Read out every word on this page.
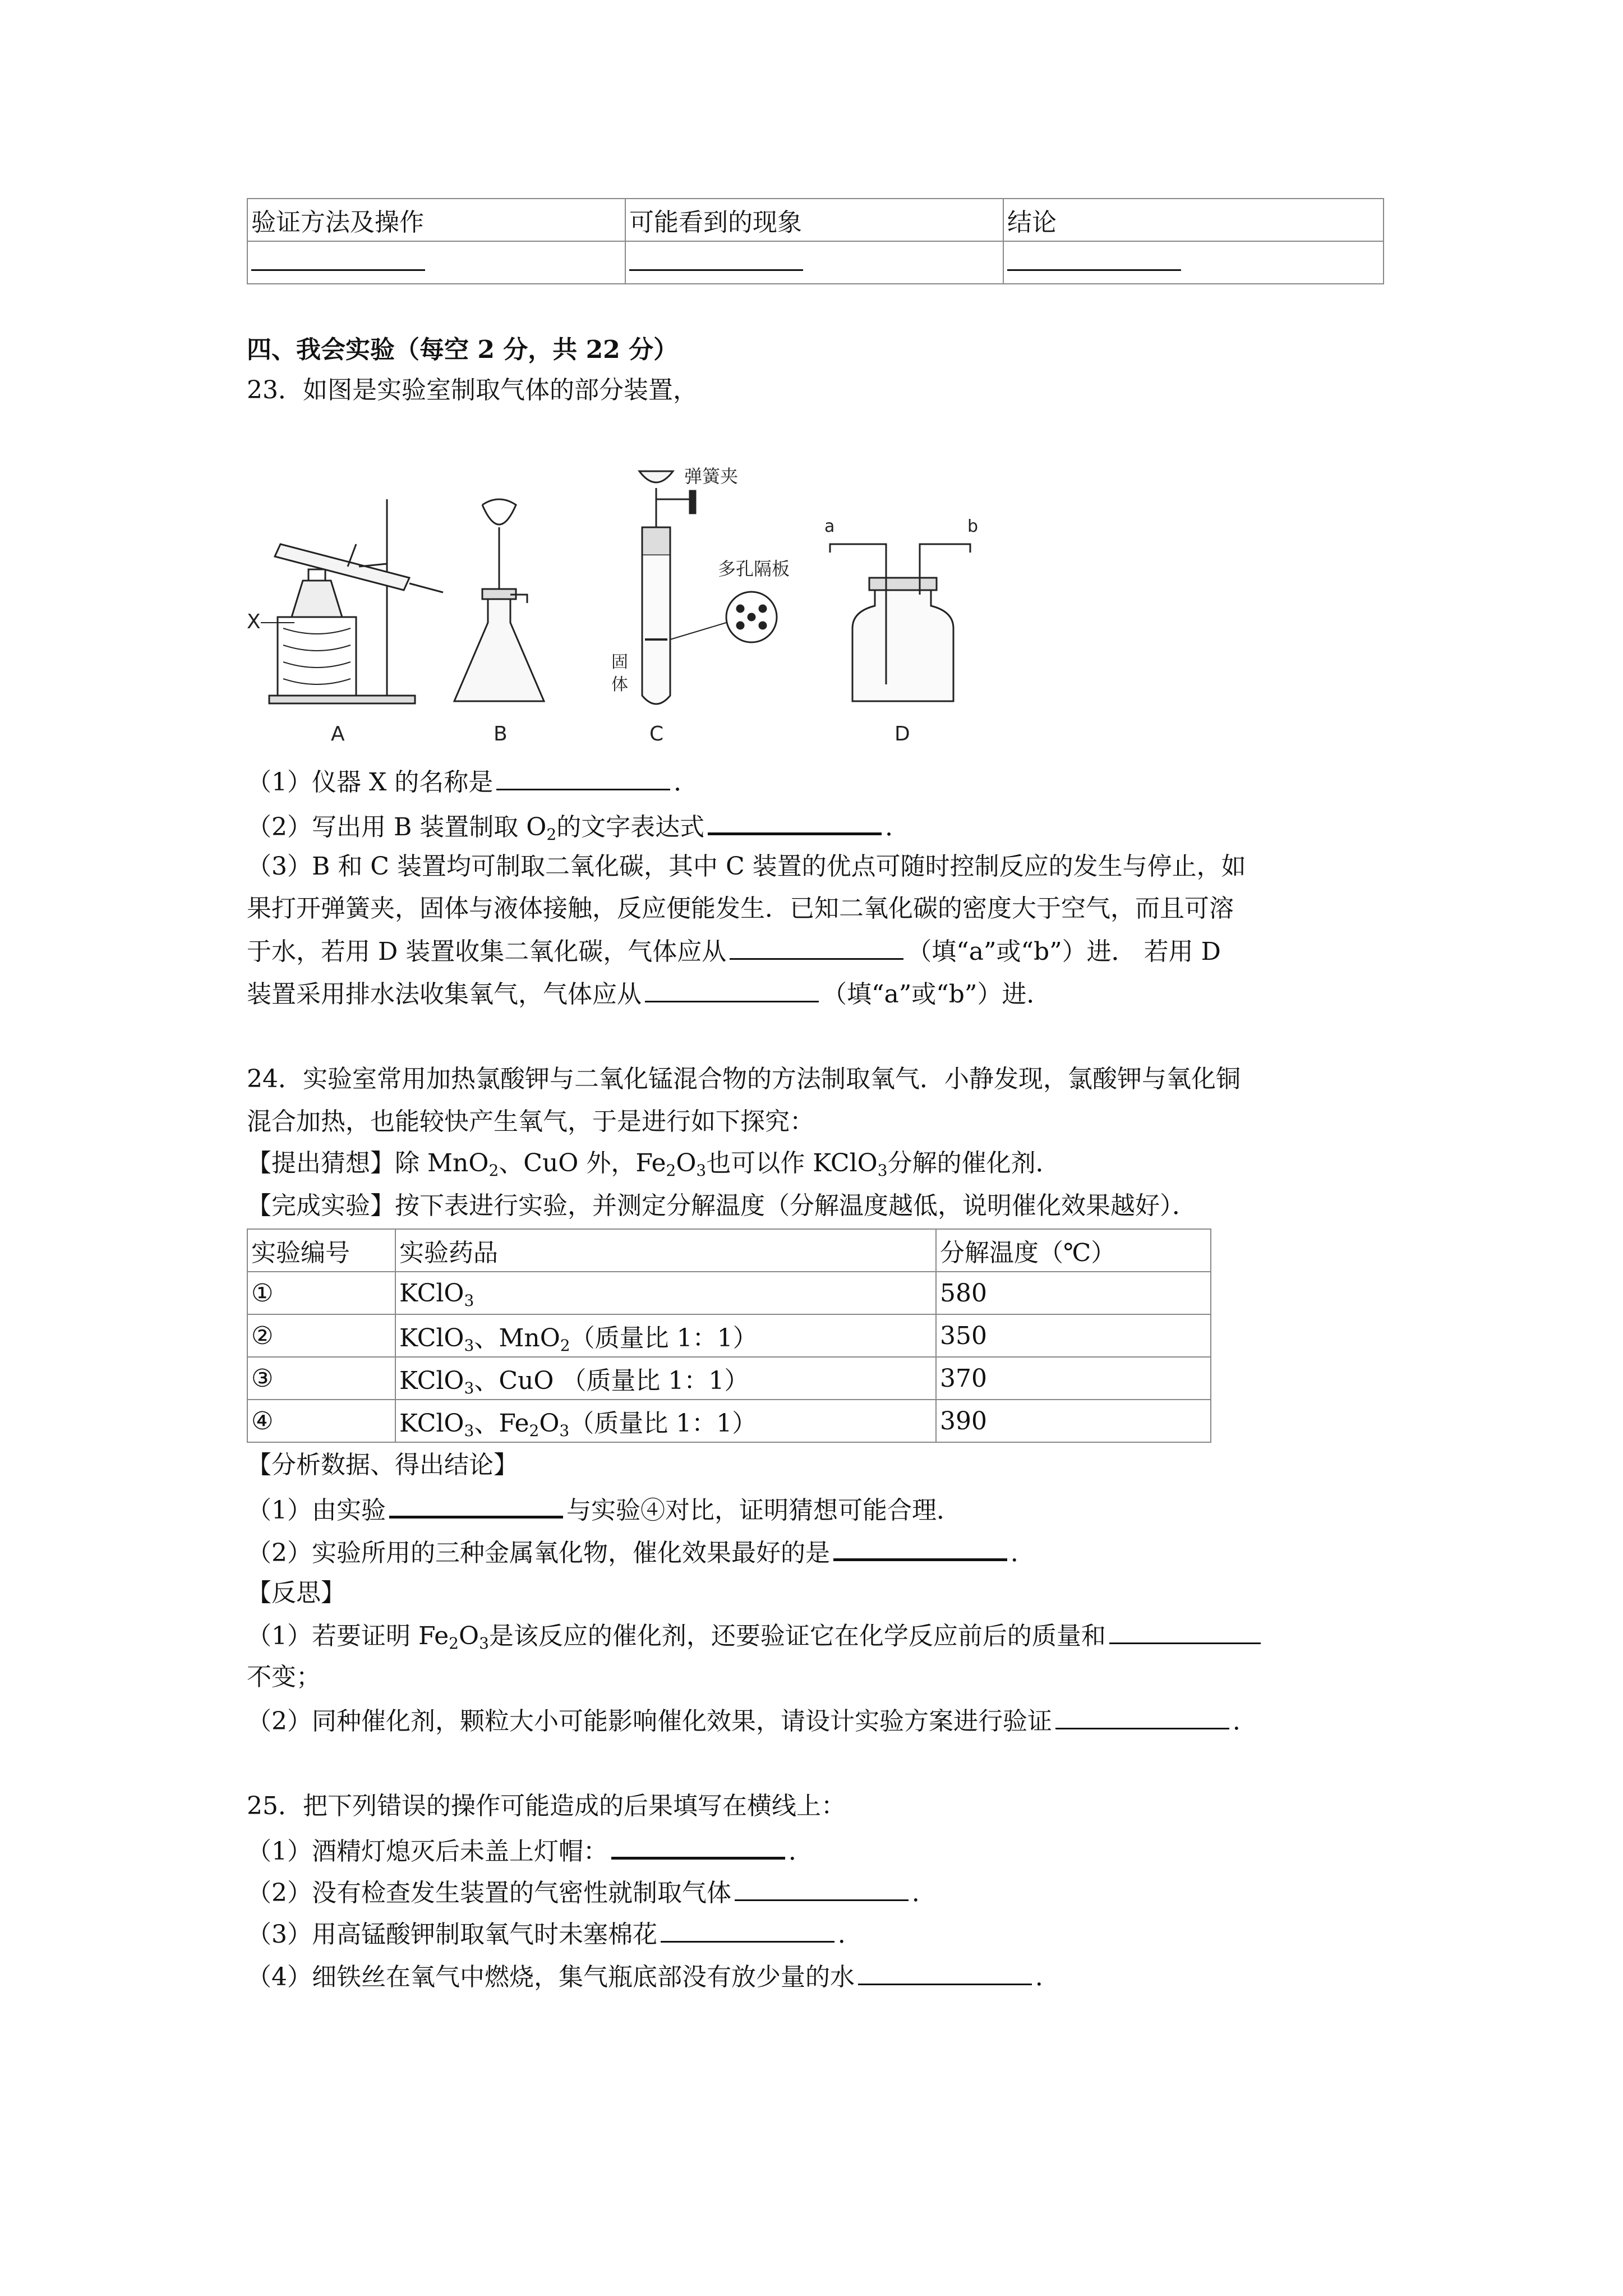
验证方法及操作	可能看到的现象	结论

四、我会实验（每空 2 分，共 22 分）
23．如图是实验室制取气体的部分装置，
X
A	B
弹簧夹
多孔隔板
固
体
C
a	b
D
（1）仪器 X 的名称是	．
（2）写出用 B 装置制取 $O_2$的文字表达式	．
（3）B 和 C 装置均可制取二氧化碳，其中 C 装置的优点可随时控制反应的发生与停止，如
果打开弹簧夹，固体与液体接触，反应便能发生．已知二氧化碳的密度大于空气，而且可溶
于水，若用 D 装置收集二氧化碳，气体应从	（填“a”或“b”）进． 若用 D
装置采用排水法收集氧气，气体应从	（填“a”或“b”）进．
24．实验室常用加热氯酸钾与二氧化锰混合物的方法制取氧气．小静发现，氯酸钾与氧化铜
混合加热，也能较快产生氧气，于是进行如下探究：
【提出猜想】除 MnO$_2$、CuO 外，$Fe_2O_3$也可以作 KClO$_3$分解的催化剂．
【完成实验】按下表进行实验，并测定分解温度（分解温度越低，说明催化效果越好）．
实验编号	实验药品	分解温度（℃）
①	KClO$_3$	580
②	KClO$_3$、MnO$_2$（质量比 1：1）	350
③	KClO$_3$、CuO （质量比 1：1）	370
④	KClO$_3$、$Fe_2O_3$（质量比 1：1）	390
【分析数据、得出结论】
（1）由实验	与实验④对比，证明猜想可能合理．
（2）实验所用的三种金属氧化物，催化效果最好的是	．
【反思】
（1）若要证明 $Fe_2O_3$是该反应的催化剂，还要验证它在化学反应前后的质量和
不变；
（2）同种催化剂，颗粒大小可能影响催化效果，请设计实验方案进行验证	．
25．把下列错误的操作可能造成的后果填写在横线上：
（1）酒精灯熄灭后未盖上灯帽：	．
（2）没有检查发生装置的气密性就制取气体	．
（3）用高锰酸钾制取氧气时未塞棉花	．
（4）细铁丝在氧气中燃烧，集气瓶底部没有放少量的水	．
